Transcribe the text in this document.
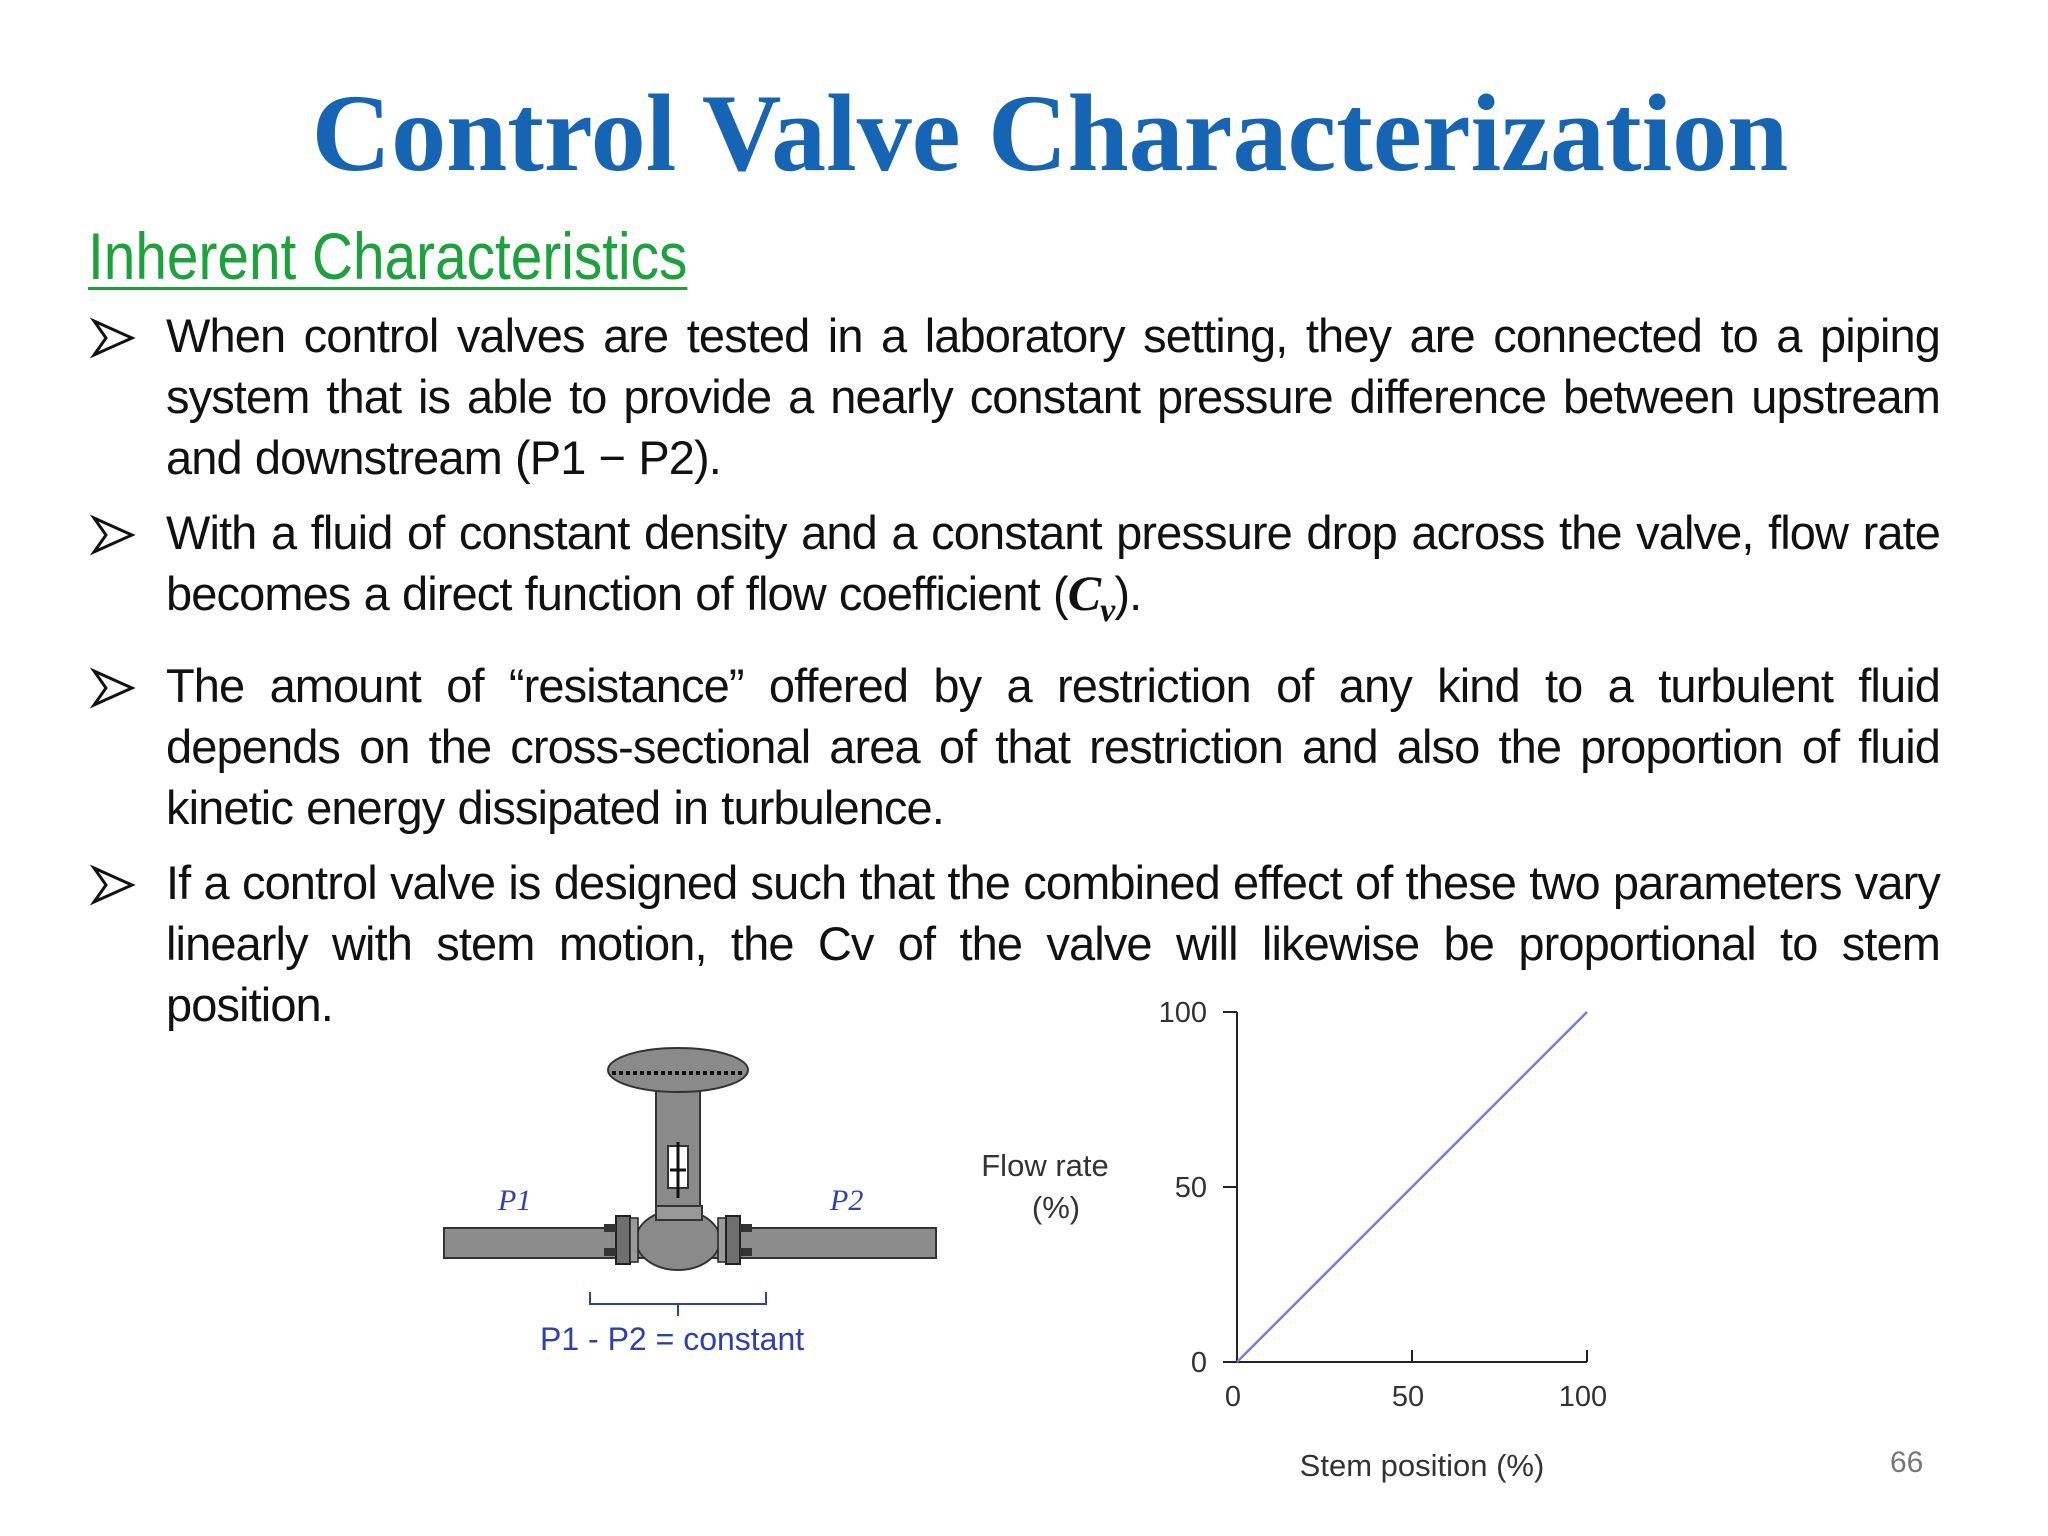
Control Valve Characterization
Inherent Characteristics
When control valves are tested in a laboratory setting, they are connected to a piping system that is able to provide a nearly constant pressure difference between upstream and downstream (P1 − P2).
With a fluid of constant density and a constant pressure drop across the valve, flow rate becomes a direct function of flow coefficient $(C_v)$.
The amount of “resistance” offered by a restriction of any kind to a turbulent fluid depends on the cross-sectional area of that restriction and also the proportion of fluid kinetic energy dissipated in turbulence.
If a control valve is designed such that the combined effect of these two parameters vary linearly with stem motion, the Cv of the valve will likewise be proportional to stem position.
P1	P2
P1 - P2 = constant
Flow rate
(%)
Stem position (%)
0
50
100
0	50	100
66
